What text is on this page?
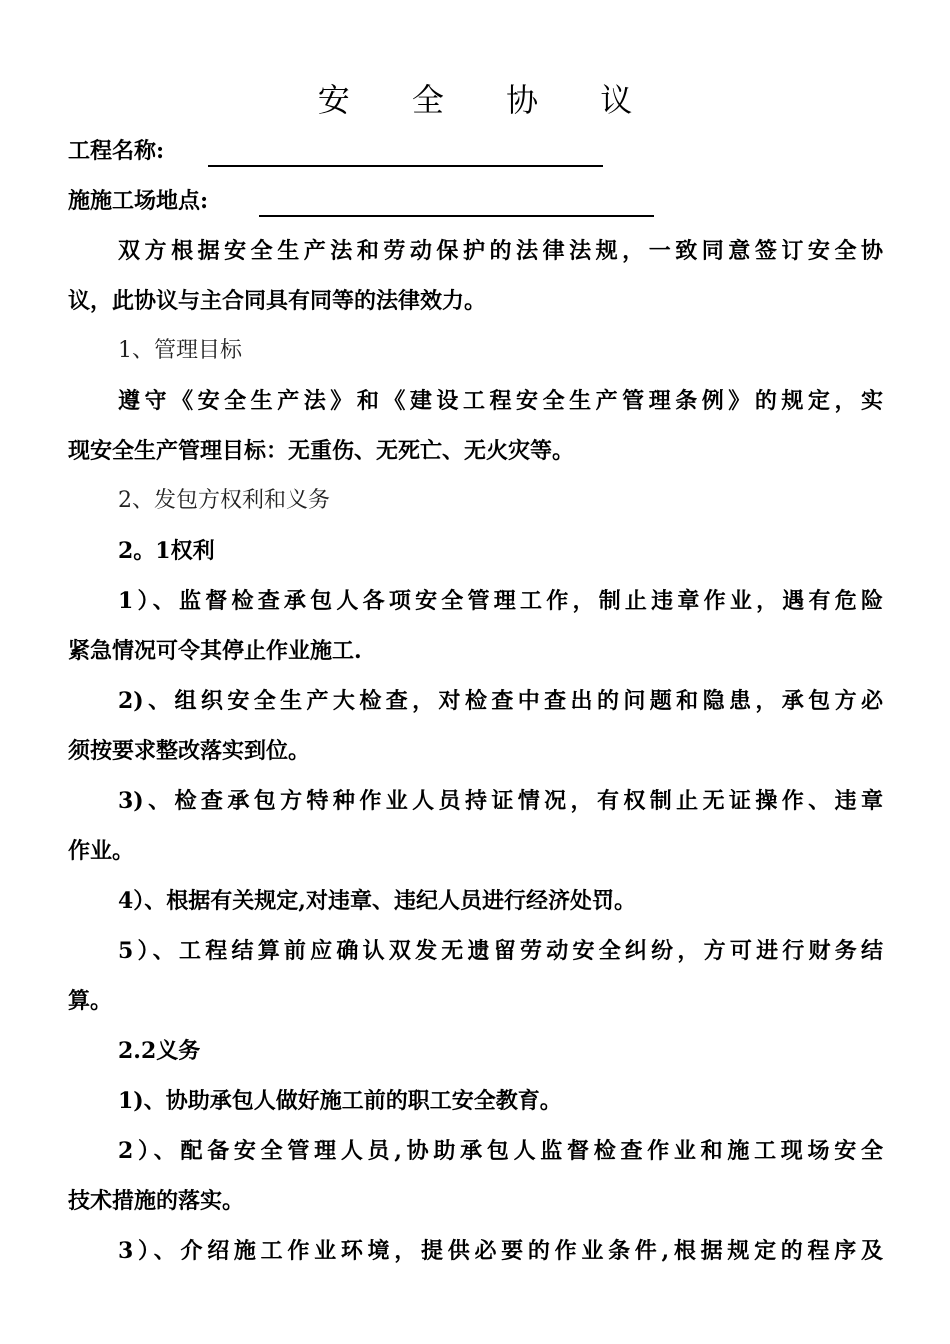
安 全 协 议
工程名称:
施施工场地点:
双方根据安全生产法和劳动保护的法律法规，一致同意签订安全协
议，此协议与主合同具有同等的法律效力。
1、管理目标
遵守《安全生产法》和《建设工程安全生产管理条例》的规定，实
现安全生产管理目标：无重伤、无死亡、无火灾等。
2、发包方权利和义务
2。1权利
1）、监督检查承包人各项安全管理工作，制止违章作业，遇有危险
紧急情况可令其停止作业施工.
2)、组织安全生产大检查，对检查中查出的问题和隐患，承包方必
须按要求整改落实到位。
3)、检查承包方特种作业人员持证情况，有权制止无证操作、违章
作业。
4）、根据有关规定,对违章、违纪人员进行经济处罚。
5）、工程结算前应确认双发无遗留劳动安全纠纷，方可进行财务结
算。
2.2义务
1)、协助承包人做好施工前的职工安全教育。
2）、配备安全管理人员,协助承包人监督检查作业和施工现场安全
技术措施的落实。
3）、介绍施工作业环境，提供必要的作业条件,根据规定的程序及
